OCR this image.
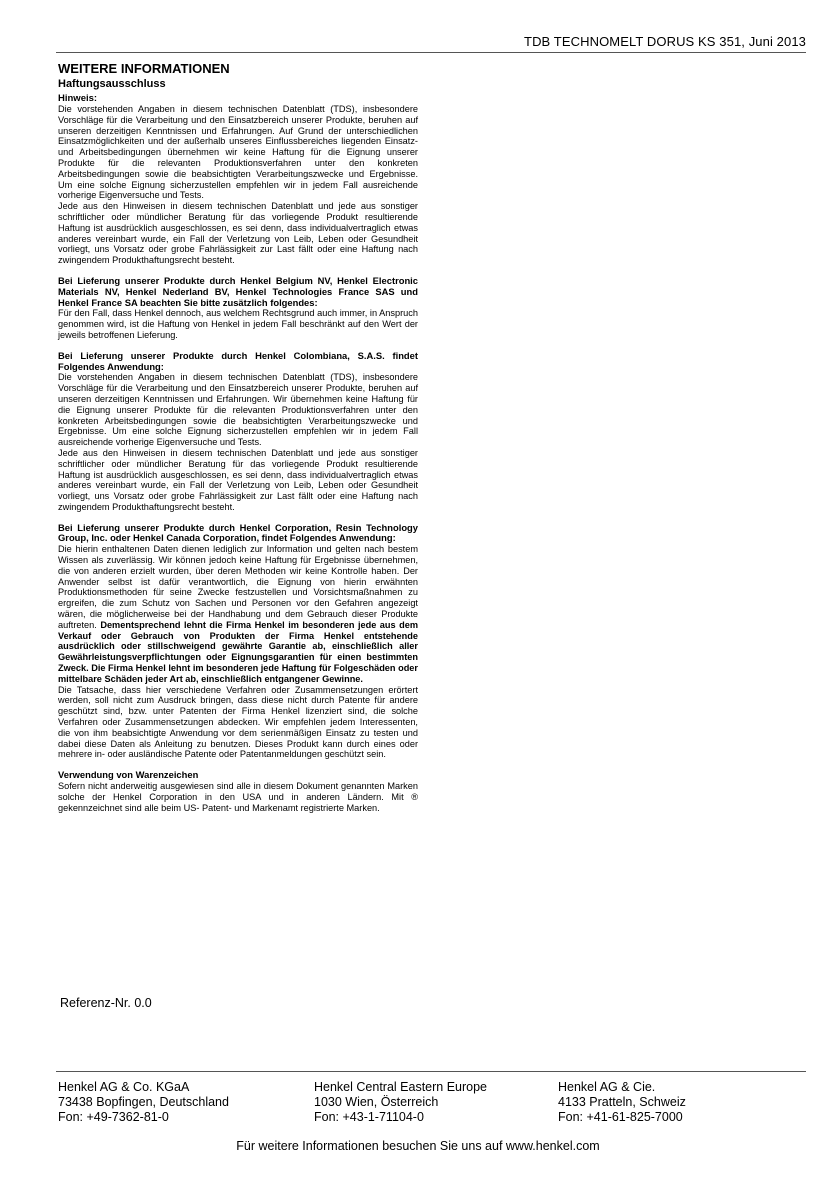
TDB TECHNOMELT DORUS KS 351, Juni 2013
WEITERE INFORMATIONEN
Haftungsausschluss
Hinweis:

Die vorstehenden Angaben in diesem technischen Datenblatt (TDS), insbesondere Vorschläge für die Verarbeitung und den Einsatzbereich unserer Produkte, beruhen auf unseren derzeitigen Kenntnissen und Erfahrungen. Auf Grund der unterschiedlichen Einsatzmöglichkeiten und der außerhalb unseres Einflussbereiches liegenden Einsatz- und Arbeitsbedingungen übernehmen wir keine Haftung für die Eignung unserer Produkte für die relevanten Produktionsverfahren unter den konkreten Arbeitsbedingungen sowie die beabsichtigten Verarbeitungszwecke und Ergebnisse. Um eine solche Eignung sicherzustellen empfehlen wir in jedem Fall ausreichende vorherige Eigenversuche und Tests.

Jede aus den Hinweisen in diesem technischen Datenblatt und jede aus sonstiger schriftlicher oder mündlicher Beratung für das vorliegende Produkt resultierende Haftung ist ausdrücklich ausgeschlossen, es sei denn, dass individualvertraglich etwas anderes vereinbart wurde, ein Fall der Verletzung von Leib, Leben oder Gesundheit vorliegt, uns Vorsatz oder grobe Fahrlässigkeit zur Last fällt oder eine Haftung nach zwingendem Produkthaftungsrecht besteht.

Bei Lieferung unserer Produkte durch Henkel Belgium NV, Henkel Electronic Materials NV, Henkel Nederland BV, Henkel Technologies France SAS und Henkel France SA beachten Sie bitte zusätzlich folgendes:

Für den Fall, dass Henkel dennoch, aus welchem Rechtsgrund auch immer, in Anspruch genommen wird, ist die Haftung von Henkel in jedem Fall beschränkt auf den Wert der jeweils betroffenen Lieferung.

Bei Lieferung unserer Produkte durch Henkel Colombiana, S.A.S. findet Folgendes Anwendung:

Die vorstehenden Angaben in diesem technischen Datenblatt (TDS), insbesondere Vorschläge für die Verarbeitung und den Einsatzbereich unserer Produkte, beruhen auf unseren derzeitigen Kenntnissen und Erfahrungen. Wir übernehmen keine Haftung für die Eignung unserer Produkte für die relevanten Produktionsverfahren unter den konkreten Arbeitsbedingungen sowie die beabsichtigten Verarbeitungszwecke und Ergebnisse. Um eine solche Eignung sicherzustellen empfehlen wir in jedem Fall ausreichende vorherige Eigenversuche und Tests.

Jede aus den Hinweisen in diesem technischen Datenblatt und jede aus sonstiger schriftlicher oder mündlicher Beratung für das vorliegende Produkt resultierende Haftung ist ausdrücklich ausgeschlossen, es sei denn, dass individualvertraglich etwas anderes vereinbart wurde, ein Fall der Verletzung von Leib, Leben oder Gesundheit vorliegt, uns Vorsatz oder grobe Fahrlässigkeit zur Last fällt oder eine Haftung nach zwingendem Produkthaftungsrecht besteht.

Bei Lieferung unserer Produkte durch Henkel Corporation, Resin Technology Group, Inc. oder Henkel Canada Corporation, findet Folgendes Anwendung:

Die hierin enthaltenen Daten dienen lediglich zur Information und gelten nach bestem Wissen als zuverlässig. Wir können jedoch keine Haftung für Ergebnisse übernehmen, die von anderen erzielt wurden, über deren Methoden wir keine Kontrolle haben. Der Anwender selbst ist dafür verantwortlich, die Eignung von hierin erwähnten Produktionsmethoden für seine Zwecke festzustellen und Vorsichtsmaßnahmen zu ergreifen, die zum Schutz von Sachen und Personen vor den Gefahren angezeigt wären, die möglicherweise bei der Handhabung und dem Gebrauch dieser Produkte auftreten. Dementsprechend lehnt die Firma Henkel im besonderen jede aus dem Verkauf oder Gebrauch von Produkten der Firma Henkel entstehende ausdrücklich oder stillschweigend gewährte Garantie ab, einschließlich aller Gewährleistungsverpflichtungen oder Eignungsgarantien für einen bestimmten Zweck. Die Firma Henkel lehnt im besonderen jede Haftung für Folgeschäden oder mittelbare Schäden jeder Art ab, einschließlich entgangener Gewinne.

Die Tatsache, dass hier verschiedene Verfahren oder Zusammensetzungen erörtert werden, soll nicht zum Ausdruck bringen, dass diese nicht durch Patente für andere geschützt sind, bzw. unter Patenten der Firma Henkel lizenziert sind, die solche Verfahren oder Zusammensetzungen abdecken. Wir empfehlen jedem Interessenten, die von ihm beabsichtigte Anwendung vor dem serienmäßigen Einsatz zu testen und dabei diese Daten als Anleitung zu benutzen. Dieses Produkt kann durch eines oder mehrere in- oder ausländische Patente oder Patentanmeldungen geschützt sein.

Verwendung von Warenzeichen

Sofern nicht anderweitig ausgewiesen sind alle in diesem Dokument genannten Marken solche der Henkel Corporation in den USA und in anderen Ländern. Mit ® gekennzeichnet sind alle beim US- Patent- und Markenamt registrierte Marken.

Referenz-Nr. 0.0
Henkel AG & Co. KGaA
73438 Bopfingen, Deutschland
Fon: +49-7362-81-0
Henkel Central Eastern Europe
1030 Wien, Österreich
Fon: +43-1-71104-0
Henkel AG & Cie.
4133 Pratteln, Schweiz
Fon: +41-61-825-7000
Für weitere Informationen besuchen Sie uns auf www.henkel.com
